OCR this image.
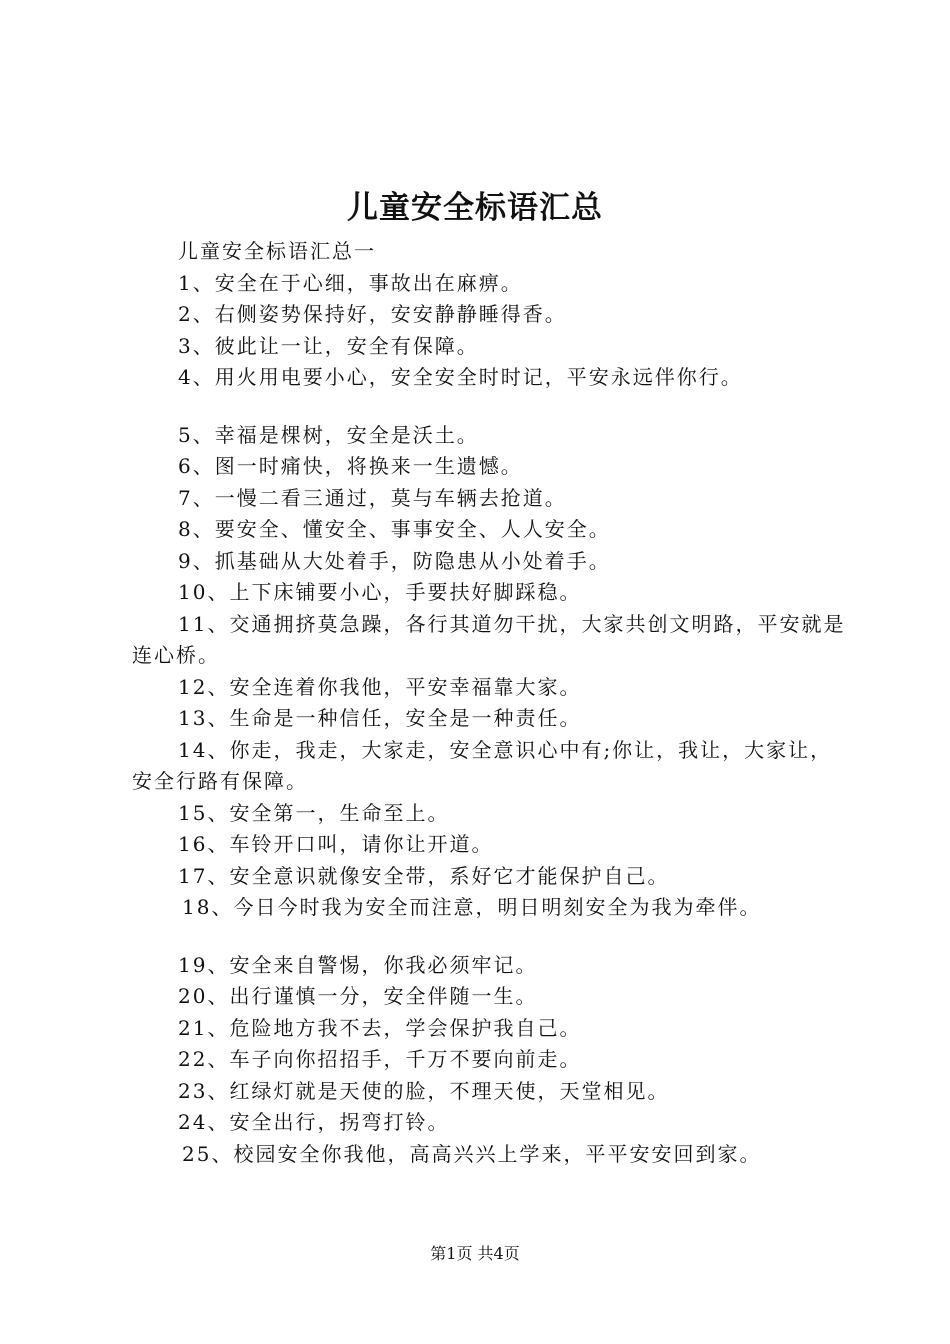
儿童安全标语汇总
儿童安全标语汇总一
1、安全在于心细，事故出在麻痹。
2、右侧姿势保持好，安安静静睡得香。
3、彼此让一让，安全有保障。
4、用火用电要小心，安全安全时时记，平安永远伴你行。
5、幸福是棵树，安全是沃土。
6、图一时痛快，将换来一生遗憾。
7、一慢二看三通过，莫与车辆去抢道。
8、要安全、懂安全、事事安全、人人安全。
9、抓基础从大处着手，防隐患从小处着手。
10、上下床铺要小心，手要扶好脚踩稳。
11、交通拥挤莫急躁，各行其道勿干扰，大家共创文明路，平安就是连心桥。
12、安全连着你我他，平安幸福靠大家。
13、生命是一种信任，安全是一种责任。
14、你走，我走，大家走，安全意识心中有;你让，我让，大家让，安全行路有保障。
15、安全第一，生命至上。
16、车铃开口叫，请你让开道。
17、安全意识就像安全带，系好它才能保护自己。
18、今日今时我为安全而注意，明日明刻安全为我为牵伴。
19、安全来自警惕，你我必须牢记。
20、出行谨慎一分，安全伴随一生。
21、危险地方我不去，学会保护我自己。
22、车子向你招招手，千万不要向前走。
23、红绿灯就是天使的脸，不理天使，天堂相见。
24、安全出行，拐弯打铃。
25、校园安全你我他，高高兴兴上学来，平平安安回到家。
第1页 共4页
